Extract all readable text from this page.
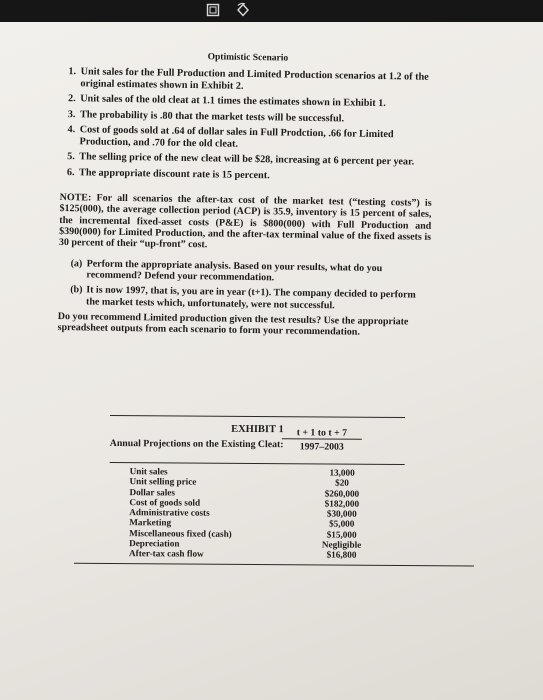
Optimistic Scenario
1. Unit sales for the Full Production and Limited Production scenarios at 1.2 of the original estimates shown in Exhibit 2.
2. Unit sales of the old cleat at 1.1 times the estimates shown in Exhibit 1.
3. The probability is .80 that the market tests will be successful.
4. Cost of goods sold at .64 of dollar sales in Full Prodction, .66 for Limited Production, and .70 for the old cleat.
5. The selling price of the new cleat will be $28, increasing at 6 percent per year.
6. The appropriate discount rate is 15 percent.

NOTE: For all scenarios the after-tax cost of the market test (“testing costs”) is $125(000), the average collection period (ACP) is 35.9, inventory is 15 percent of sales, the incremental fixed-asset costs (P&E) is $800(000) with Full Production and $390(000) for Limited Production, and the after-tax terminal value of the fixed assets is 30 percent of their “up-front” cost.

(a) Perform the appropriate analysis. Based on your results, what do you recommend? Defend your recommendation.
(b) It is now 1997, that is, you are in year (t+1). The company decided to perform the market tests which, unfortunately, were not successful.

Do you recommend Limited production given the test results? Use the appropriate spreadsheet outputs from each scenario to form your recommendation.

EXHIBIT 1
Annual Projections on the Existing Cleat:
t + 1 to t + 7
1997–2003
Unit sales	13,000
Unit selling price	$20
Dollar sales	$260,000
Cost of goods sold	$182,000
Administrative costs	$30,000
Marketing	$5,000
Miscellaneous fixed (cash)	$15,000
Depreciation	Negligible
After-tax cash flow	$16,800
